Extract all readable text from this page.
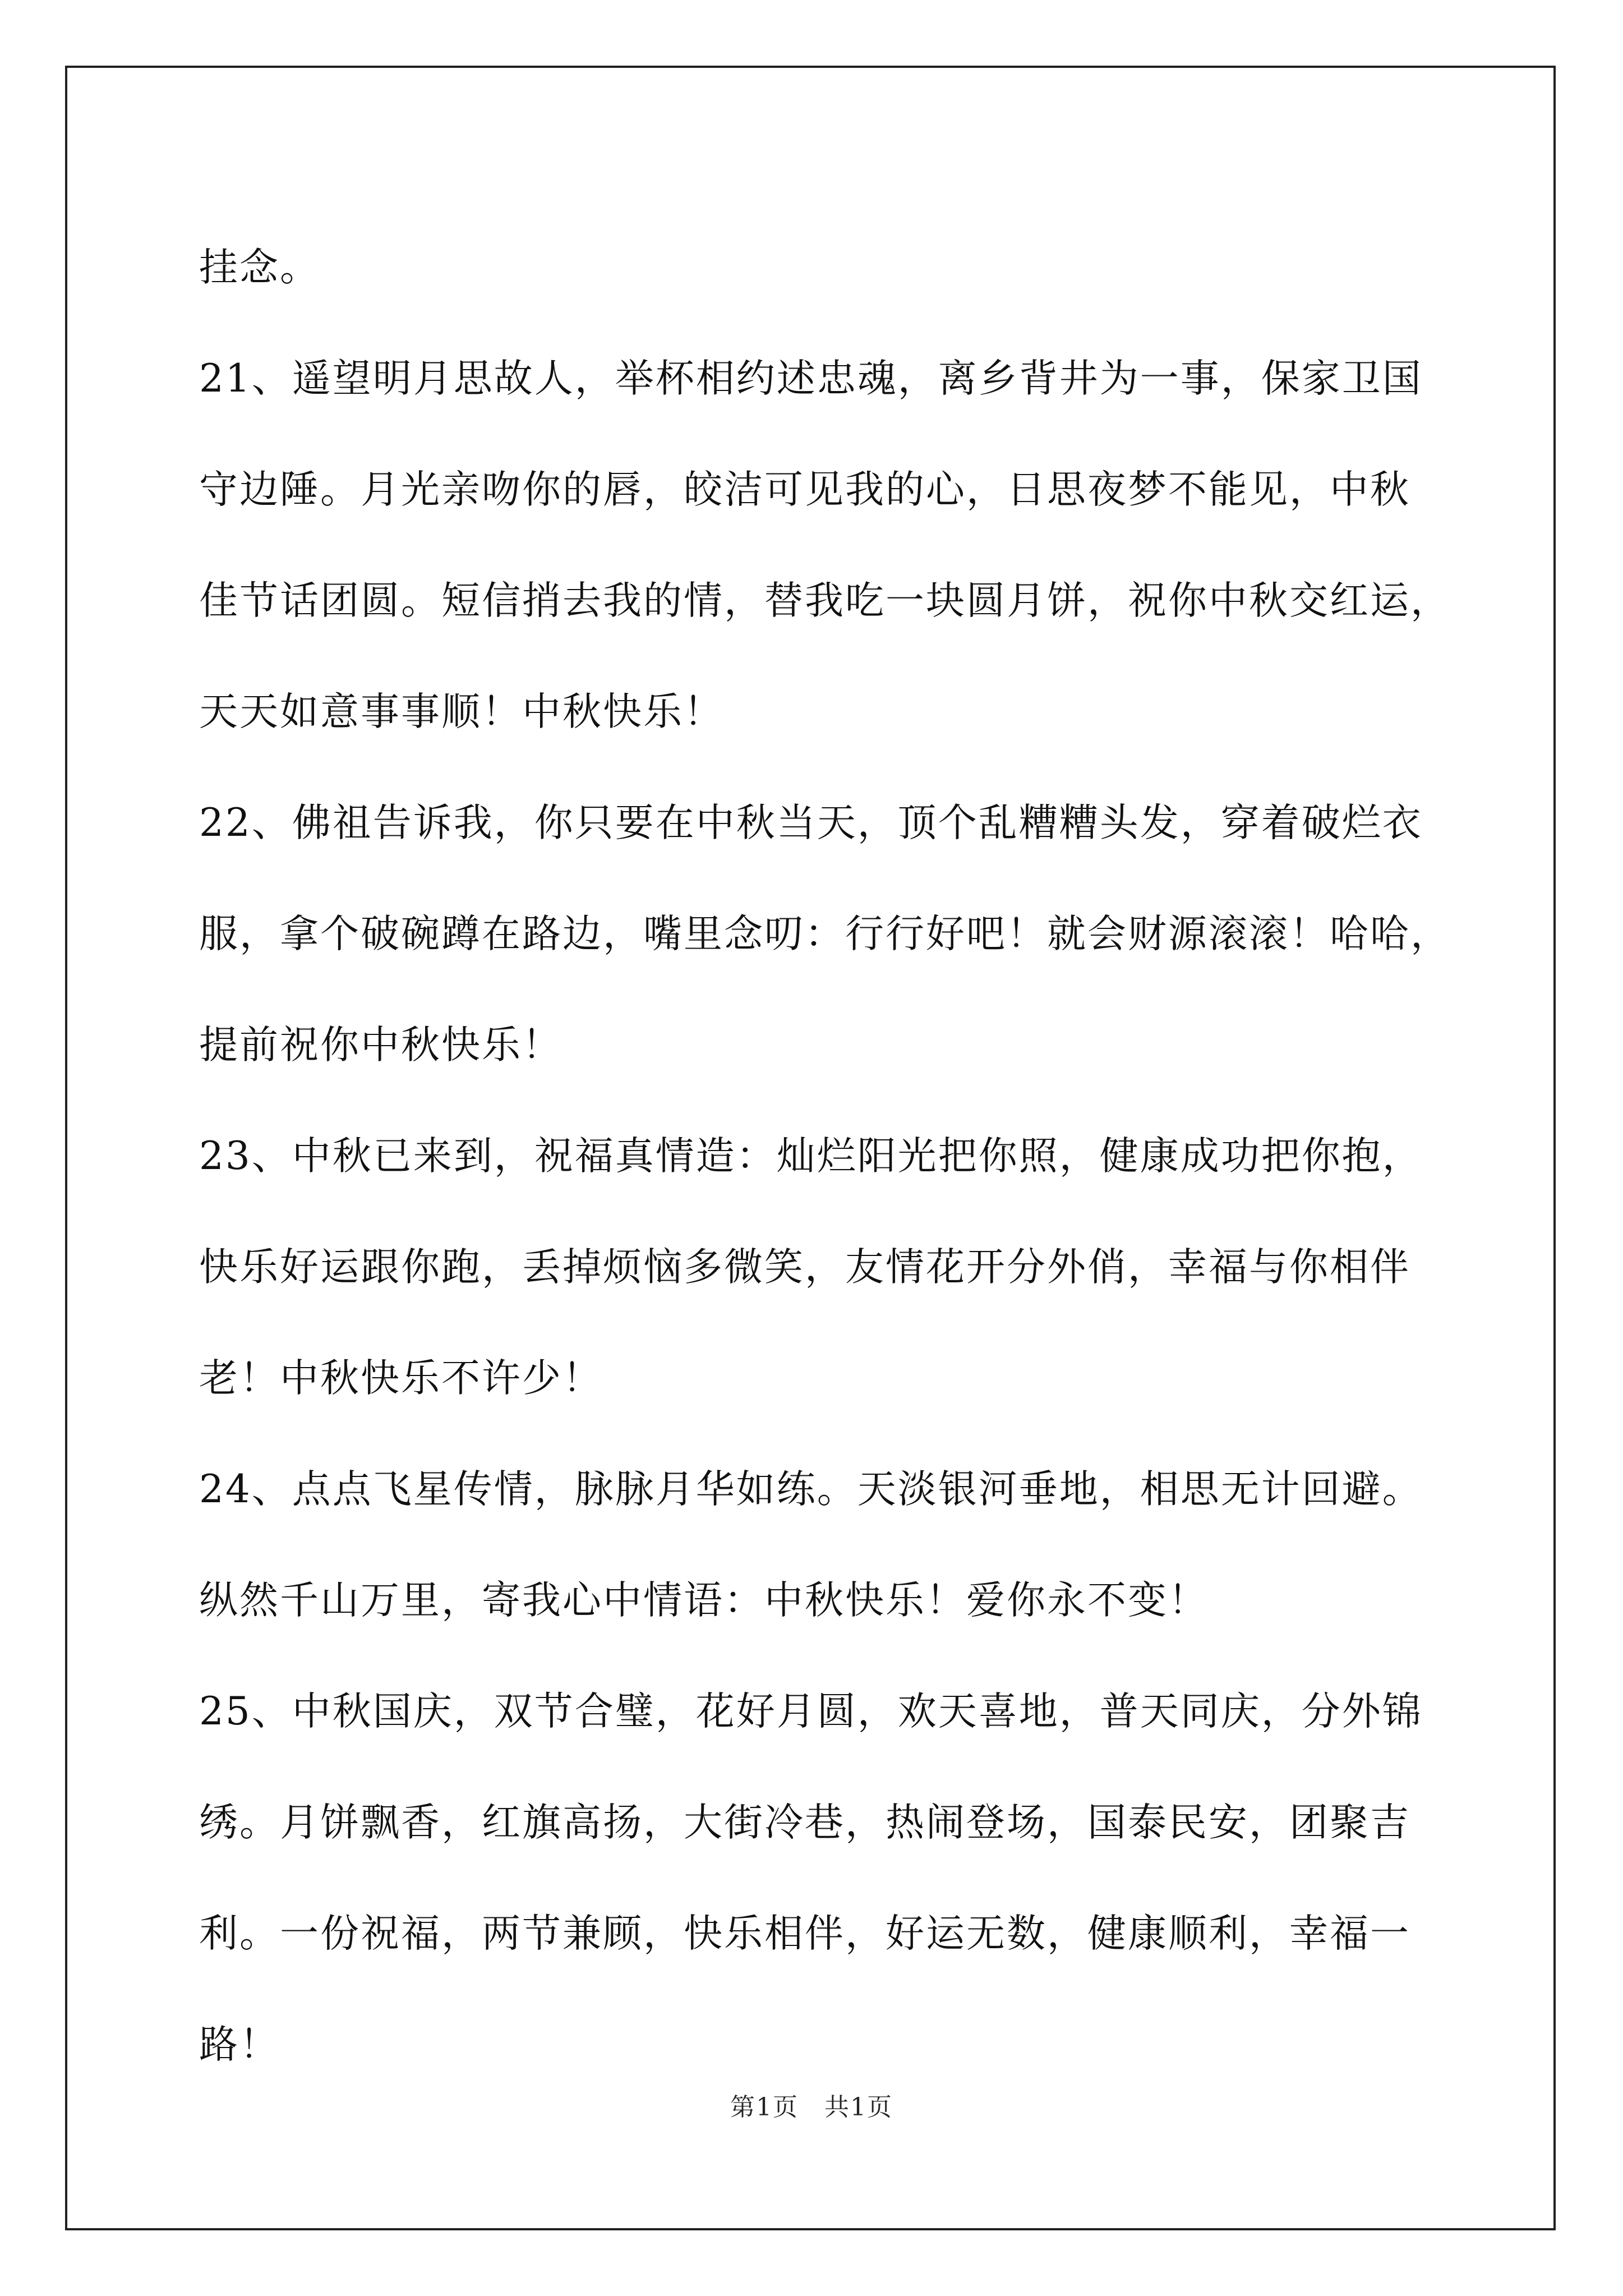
挂念。
21、遥望明月思故人，举杯相约述忠魂，离乡背井为一事，保家卫国
守边陲。月光亲吻你的唇，皎洁可见我的心，日思夜梦不能见，中秋
佳节话团圆。短信捎去我的情，替我吃一块圆月饼，祝你中秋交红运，
天天如意事事顺！中秋快乐！
22、佛祖告诉我，你只要在中秋当天，顶个乱糟糟头发，穿着破烂衣
服，拿个破碗蹲在路边，嘴里念叨：行行好吧！就会财源滚滚！哈哈，
提前祝你中秋快乐！
23、中秋已来到，祝福真情造：灿烂阳光把你照，健康成功把你抱，
快乐好运跟你跑，丢掉烦恼多微笑，友情花开分外俏，幸福与你相伴
老！中秋快乐不许少！
24、点点飞星传情，脉脉月华如练。天淡银河垂地，相思无计回避。
纵然千山万里，寄我心中情语：中秋快乐！爱你永不变！
25、中秋国庆，双节合璧，花好月圆，欢天喜地，普天同庆，分外锦
绣。月饼飘香，红旗高扬，大街冷巷，热闹登场，国泰民安，团聚吉
利。一份祝福，两节兼顾，快乐相伴，好运无数，健康顺利，幸福一
路！
第1页　共1页
